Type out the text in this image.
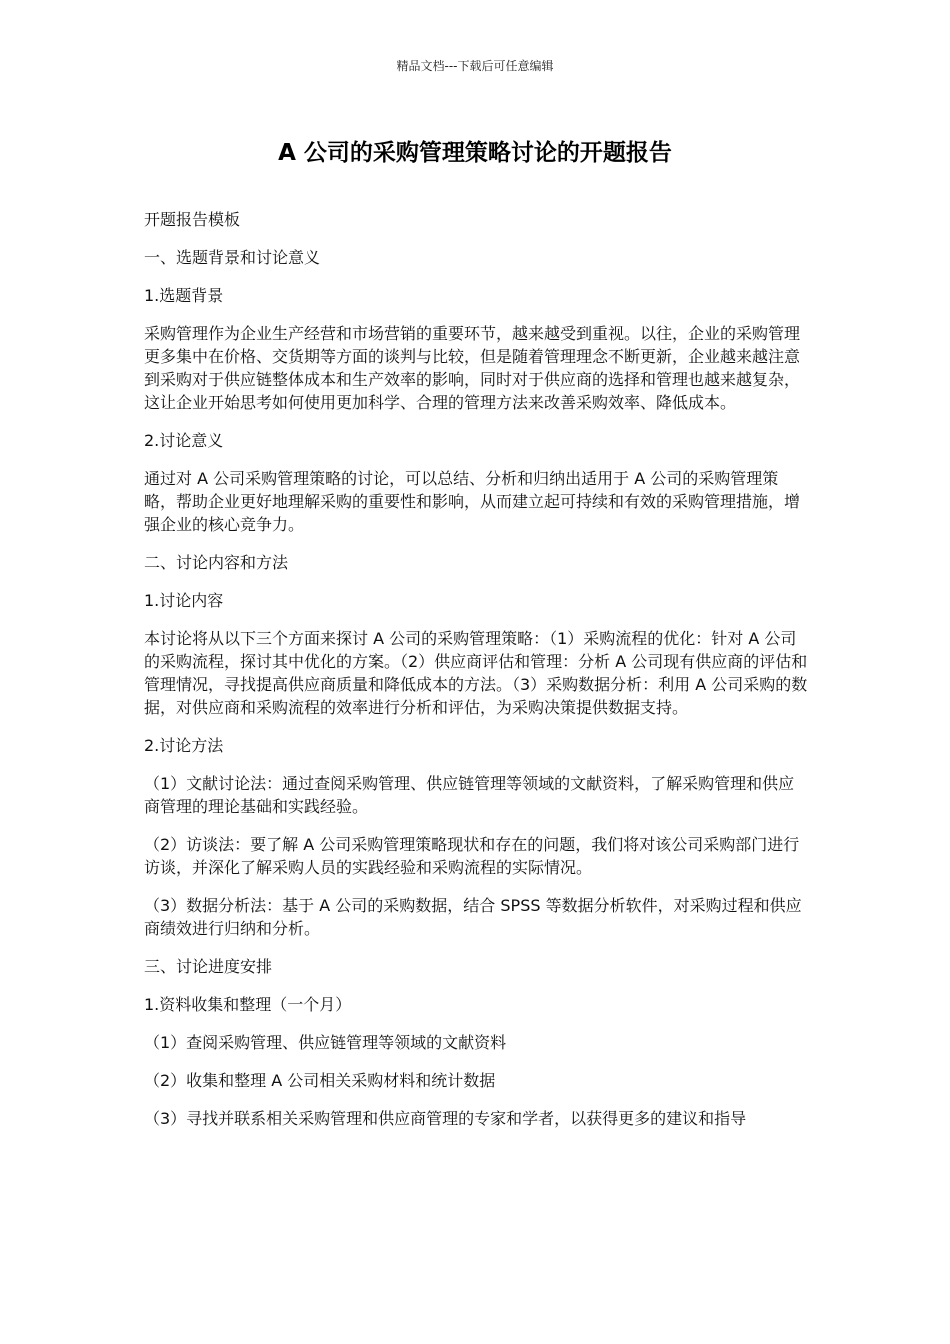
精品文档---下载后可任意编辑
A 公司的采购管理策略讨论的开题报告

开题报告模板

一、选题背景和讨论意义

1.选题背景

采购管理作为企业生产经营和市场营销的重要环节，越来越受到重视。以往，企业的采购管理更多集中在价格、交货期等方面的谈判与比较，但是随着管理理念不断更新，企业越来越注意到采购对于供应链整体成本和生产效率的影响，同时对于供应商的选择和管理也越来越复杂，这让企业开始思考如何使用更加科学、合理的管理方法来改善采购效率、降低成本。

2.讨论意义

通过对 A 公司采购管理策略的讨论，可以总结、分析和归纳出适用于 A 公司的采购管理策略，帮助企业更好地理解采购的重要性和影响，从而建立起可持续和有效的采购管理措施，增强企业的核心竞争力。

二、讨论内容和方法

1.讨论内容

本讨论将从以下三个方面来探讨 A 公司的采购管理策略：（1）采购流程的优化：针对 A 公司的采购流程，探讨其中优化的方案。（2）供应商评估和管理：分析 A 公司现有供应商的评估和管理情况，寻找提高供应商质量和降低成本的方法。（3）采购数据分析：利用 A 公司采购的数据，对供应商和采购流程的效率进行分析和评估，为采购决策提供数据支持。

2.讨论方法

（1）文献讨论法：通过查阅采购管理、供应链管理等领域的文献资料，了解采购管理和供应商管理的理论基础和实践经验。

（2）访谈法：要了解 A 公司采购管理策略现状和存在的问题，我们将对该公司采购部门进行访谈，并深化了解采购人员的实践经验和采购流程的实际情况。

（3）数据分析法：基于 A 公司的采购数据，结合 SPSS 等数据分析软件，对采购过程和供应商绩效进行归纳和分析。

三、讨论进度安排

1.资料收集和整理（一个月）

（1）查阅采购管理、供应链管理等领域的文献资料

（2）收集和整理 A 公司相关采购材料和统计数据

（3）寻找并联系相关采购管理和供应商管理的专家和学者，以获得更多的建议和指导
